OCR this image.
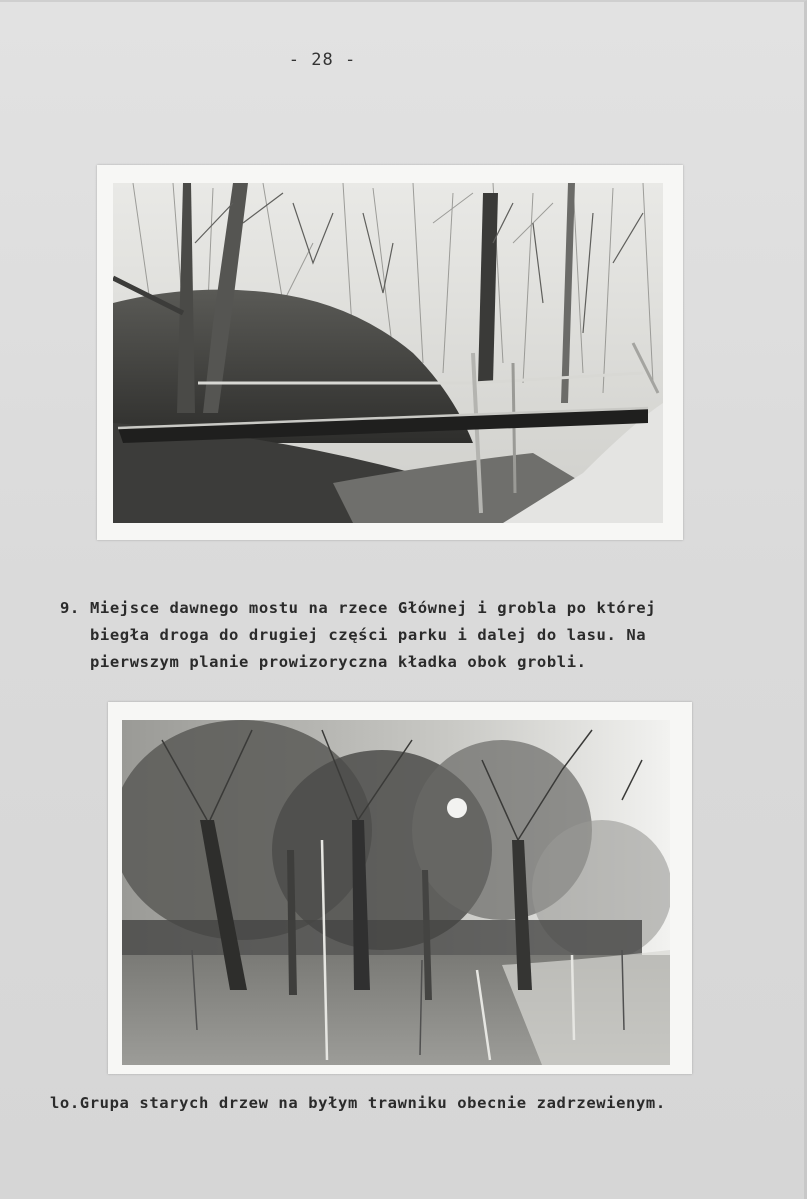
- 28 -
9. Miejsce dawnego mostu na rzece Głównej i grobla po której
biegła droga do drugiej części parku i dalej do lasu. Na
pierwszym planie prowizoryczna kładka obok grobli.
lo.Grupa starych drzew na byłym trawniku obecnie zadrzewienym.
